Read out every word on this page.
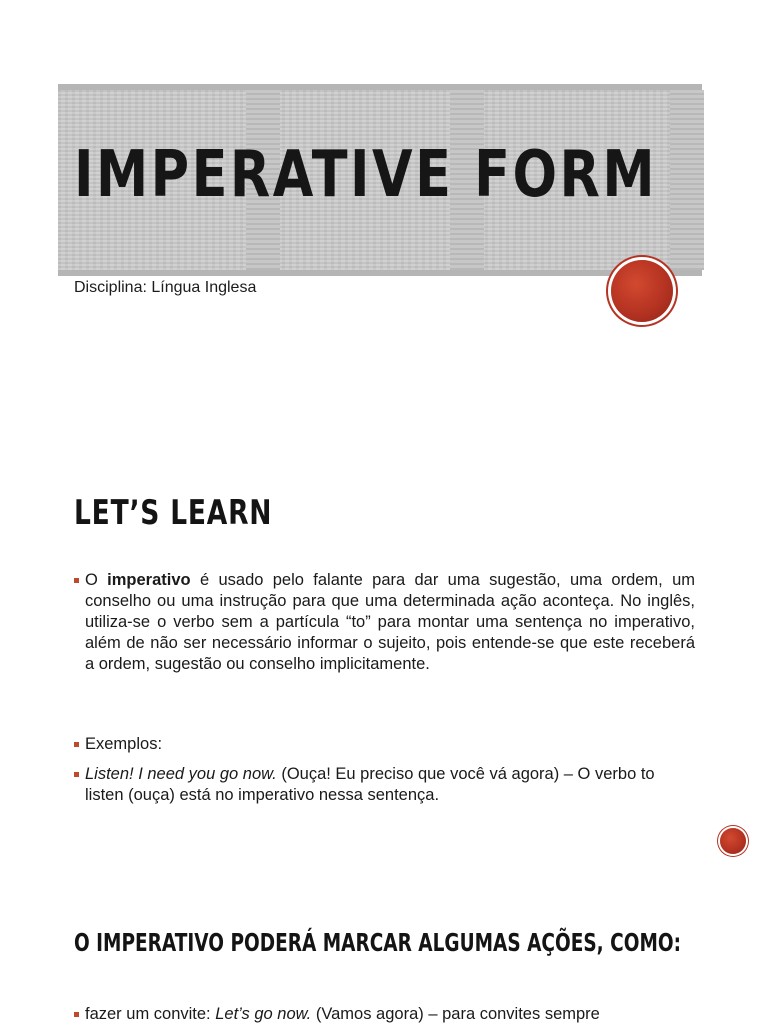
IMPERATIVE FORM
Disciplina: Língua Inglesa
LET’S LEARN
O imperativo é usado pelo falante para dar uma sugestão, uma ordem, um conselho ou uma instrução para que uma determinada ação aconteça. No inglês, utiliza-se o verbo sem a partícula “to” para montar uma sentença no imperativo, além de não ser necessário informar o sujeito, pois entende-se que este receberá a ordem, sugestão ou conselho implicitamente.
Exemplos:
Listen! I need you go now. (Ouça! Eu preciso que você vá agora) – O verbo to listen (ouça) está no imperativo nessa sentença.
O IMPERATIVO PODERÁ MARCAR ALGUMAS AÇÕES, COMO:
fazer um convite: Let’s go now. (Vamos agora) – para convites sempre
